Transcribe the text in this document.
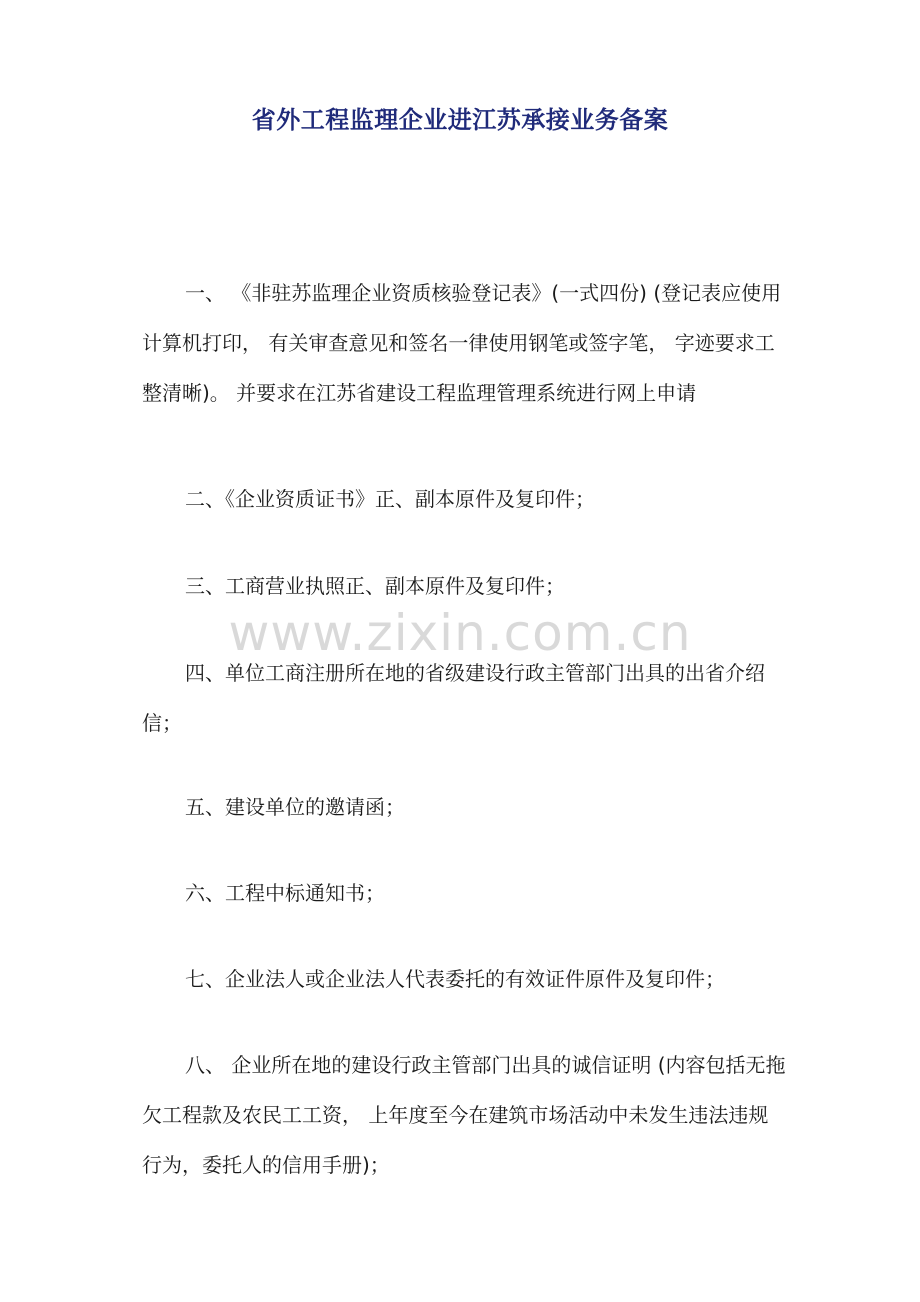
省外工程监理企业进江苏承接业务备案

一、 《非驻苏监理企业资质核验登记表》(一式四份) (登记表应使用计算机打印， 有关审查意见和签名一律使用钢笔或签字笔， 字迹要求工整清晰)。 并要求在江苏省建设工程监理管理系统进行网上申请

二、《企业资质证书》正、副本原件及复印件；

三、工商营业执照正、副本原件及复印件；

四、单位工商注册所在地的省级建设行政主管部门出具的出省介绍信；

五、建设单位的邀请函；

六、工程中标通知书；

七、企业法人或企业法人代表委托的有效证件原件及复印件；

八、 企业所在地的建设行政主管部门出具的诚信证明 (内容包括无拖欠工程款及农民工工资， 上年度至今在建筑市场活动中未发生违法违规行为，委托人的信用手册)；

www.zixin.com.cn
